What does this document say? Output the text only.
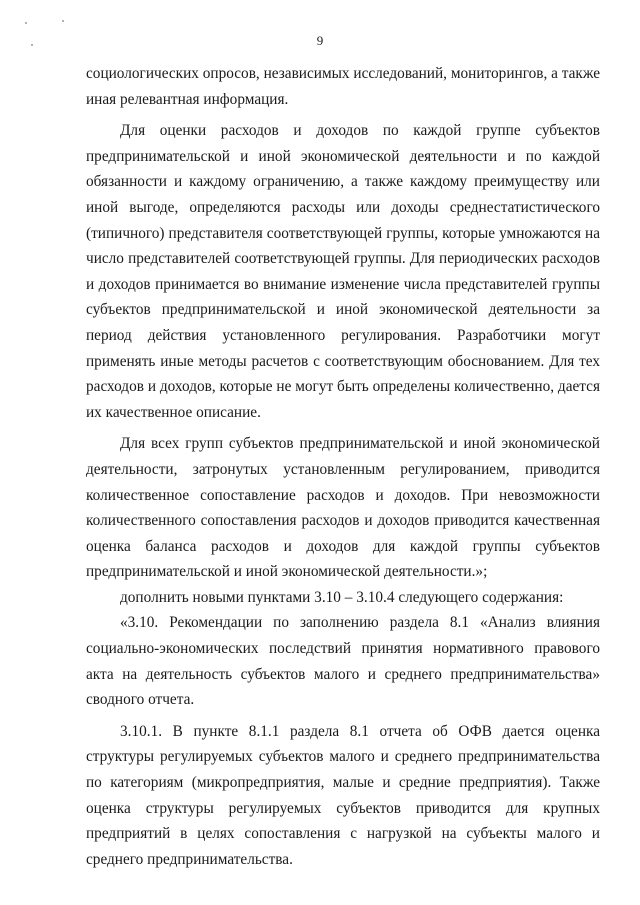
9

социологических опросов, независимых исследований, мониторингов, а также иная релевантная информация.

Для оценки расходов и доходов по каждой группе субъектов предпринимательской и иной экономической деятельности и по каждой обязанности и каждому ограничению, а также каждому преимуществу или иной выгоде, определяются расходы или доходы среднестатистического (типичного) представителя соответствующей группы, которые умножаются на число представителей соответствующей группы. Для периодических расходов и доходов принимается во внимание изменение числа представителей группы субъектов предпринимательской и иной экономической деятельности за период действия установленного регулирования. Разработчики могут применять иные методы расчетов с соответствующим обоснованием. Для тех расходов и доходов, которые не могут быть определены количественно, дается их качественное описание.

Для всех групп субъектов предпринимательской и иной экономической деятельности, затронутых установленным регулированием, приводится количественное сопоставление расходов и доходов. При невозможности количественного сопоставления расходов и доходов приводится качественная оценка баланса расходов и доходов для каждой группы субъектов предпринимательской и иной экономической деятельности.»;

дополнить новыми пунктами 3.10 – 3.10.4 следующего содержания:

«3.10. Рекомендации по заполнению раздела 8.1 «Анализ влияния социально-экономических последствий принятия нормативного правового акта на деятельность субъектов малого и среднего предпринимательства» сводного отчета.

3.10.1. В пункте 8.1.1 раздела 8.1 отчета об ОФВ дается оценка структуры регулируемых субъектов малого и среднего предпринимательства по категориям (микропредприятия, малые и средние предприятия). Также оценка структуры регулируемых субъектов приводится для крупных предприятий в целях сопоставления с нагрузкой на субъекты малого и среднего предпринимательства.
